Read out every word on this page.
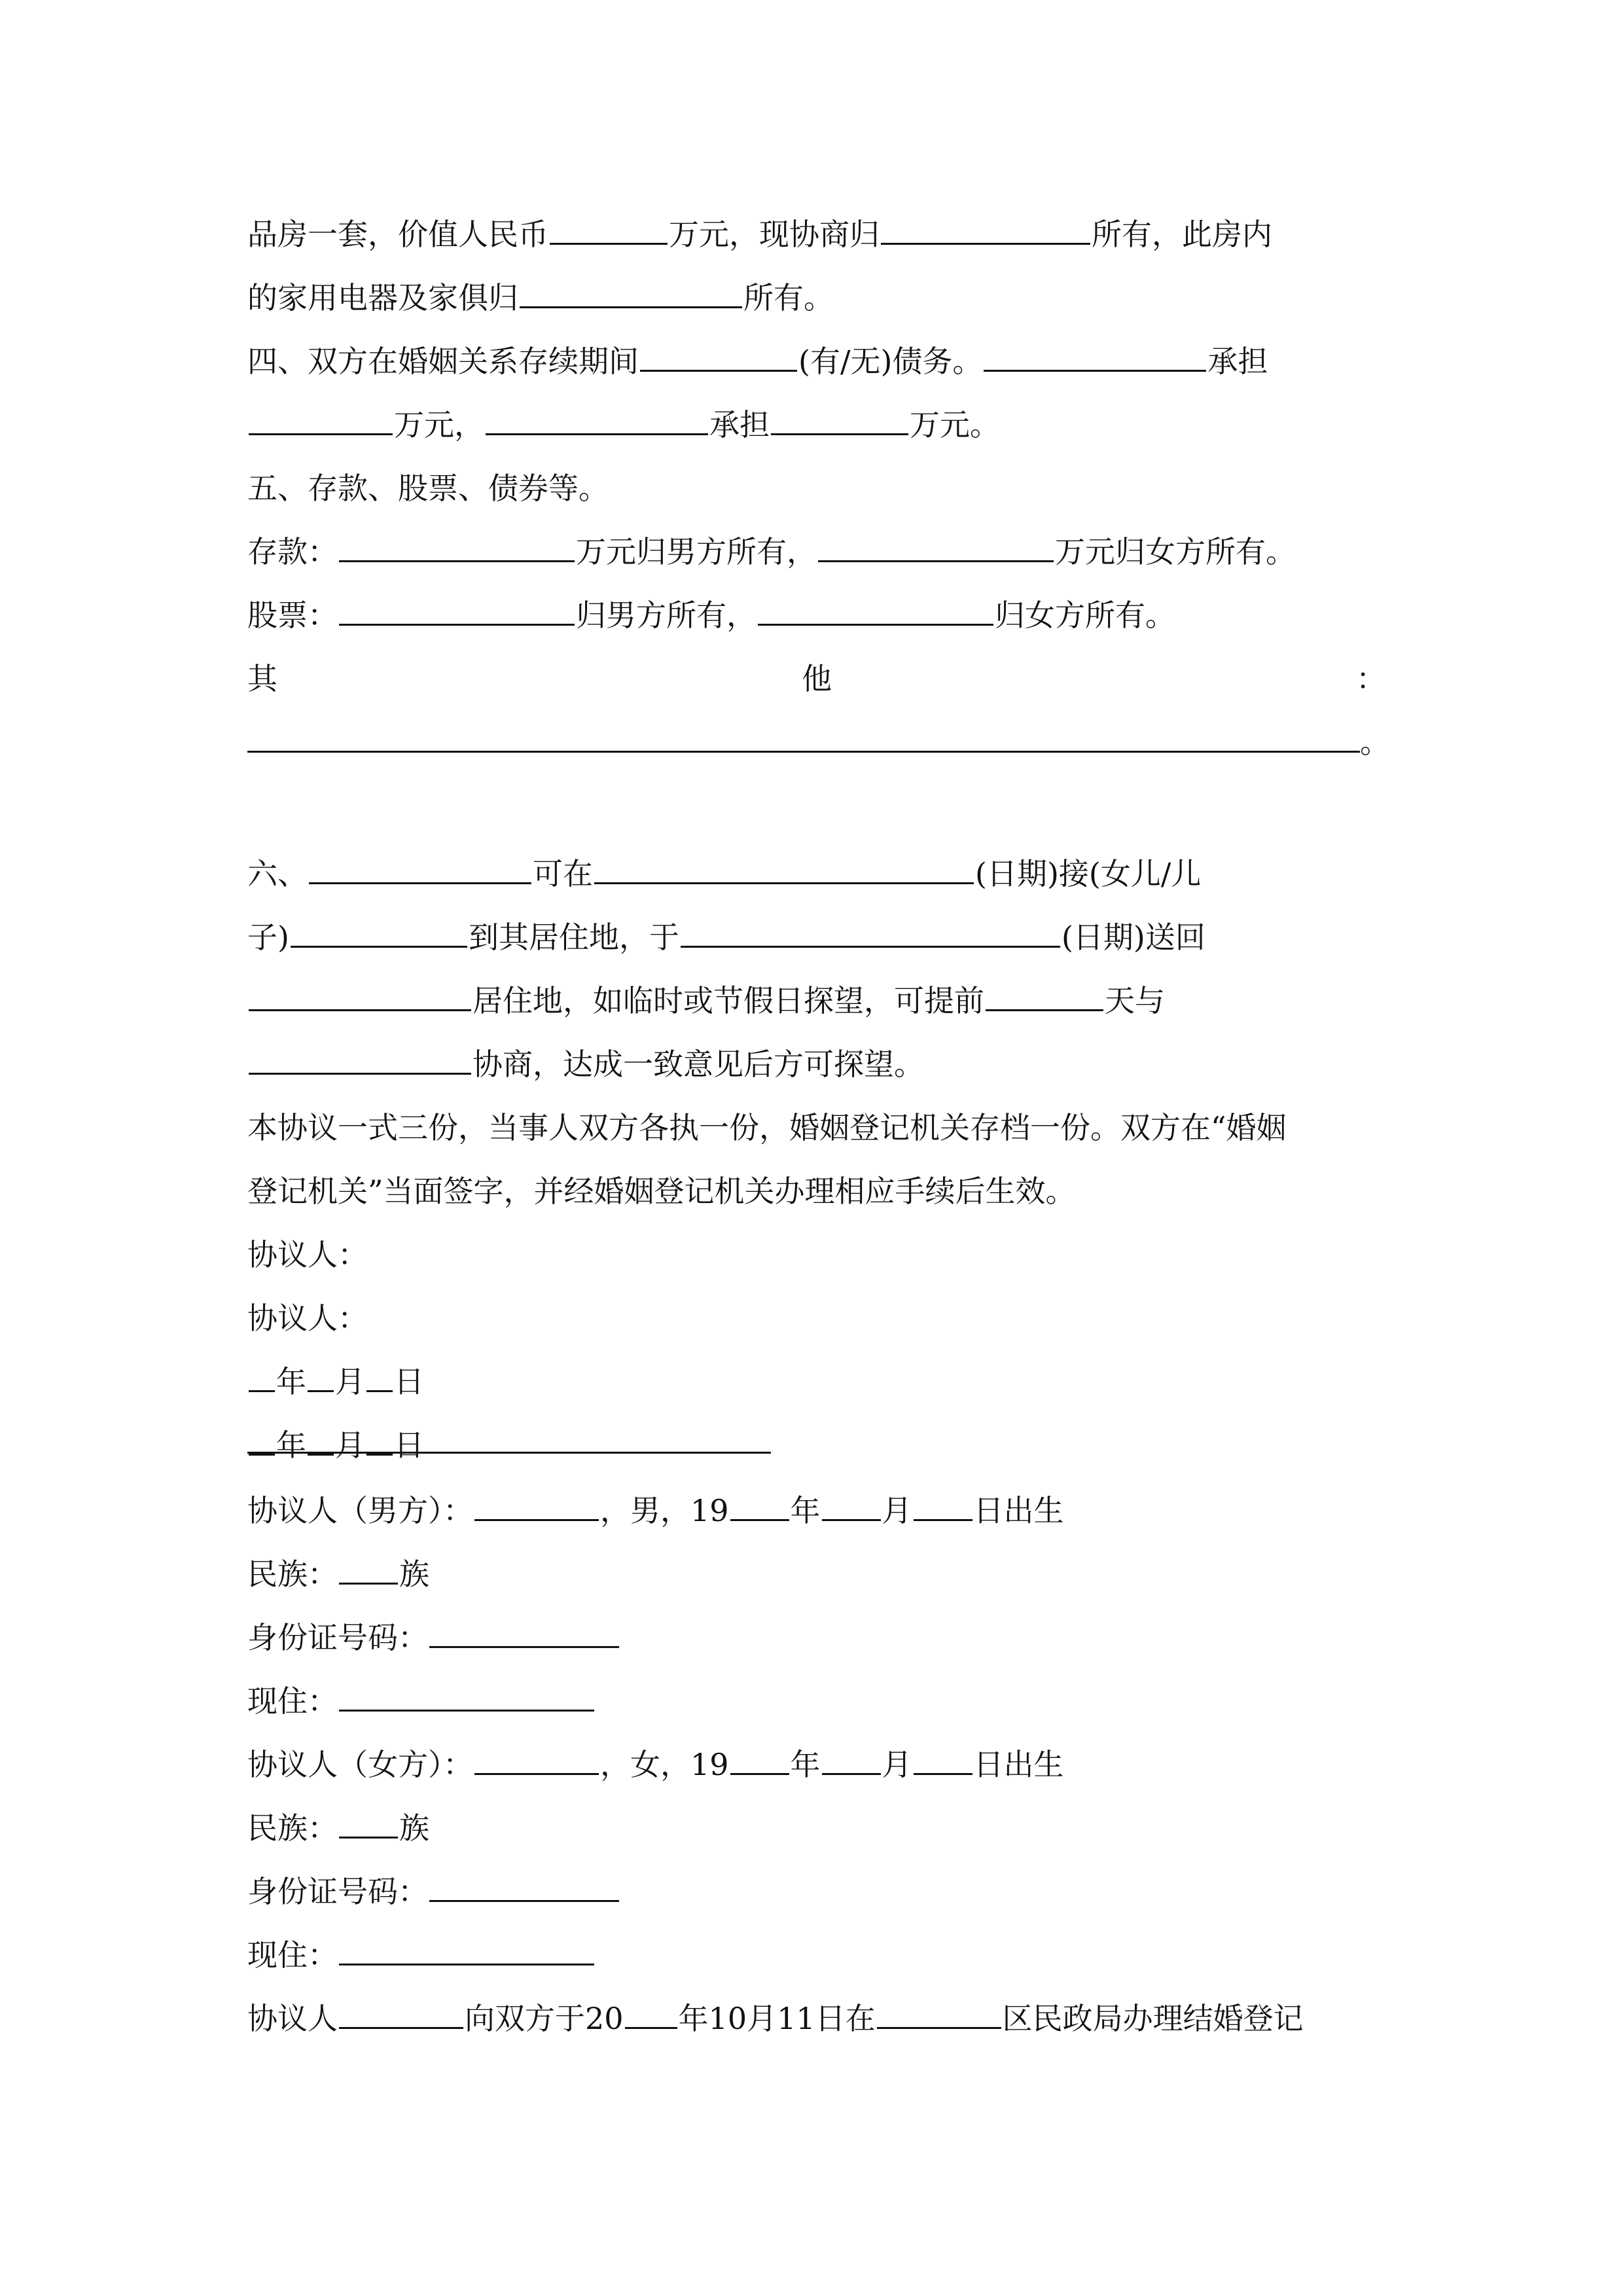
其	他	：
。
品房一套，价值人民币	万元，现协商归	所有，此房内
的家用电器及家俱归	所有。
四、双方在婚姻关系存续期间	(有/无)债务。	承担
万元，	承担	万元。
五、存款、股票、债券等。
存款：	万元归男方所有，	万元归女方所有。
股票：	归男方所有，	归女方所有。
六、	可在	(日期)接(女儿/儿
子)	到其居住地，于	(日期)送回
居住地，如临时或节假日探望，可提前	天与
协商，达成一致意见后方可探望。
本协议一式三份，当事人双方各执一份，婚姻登记机关存档一份。双方在“婚姻
登记机关”当面签字，并经婚姻登记机关办理相应手续后生效。
协议人：
协议人：
年 月 日
年 月 日
协议人（男方）：	，男，19 年 月 日出生
民族： 族
身份证号码：
现住：
协议人（女方）：	，女，19 年 月 日出生
民族： 族
身份证号码：
现住：
协议人	向双方于20 年10月11日在	区民政局办理结婚登记
